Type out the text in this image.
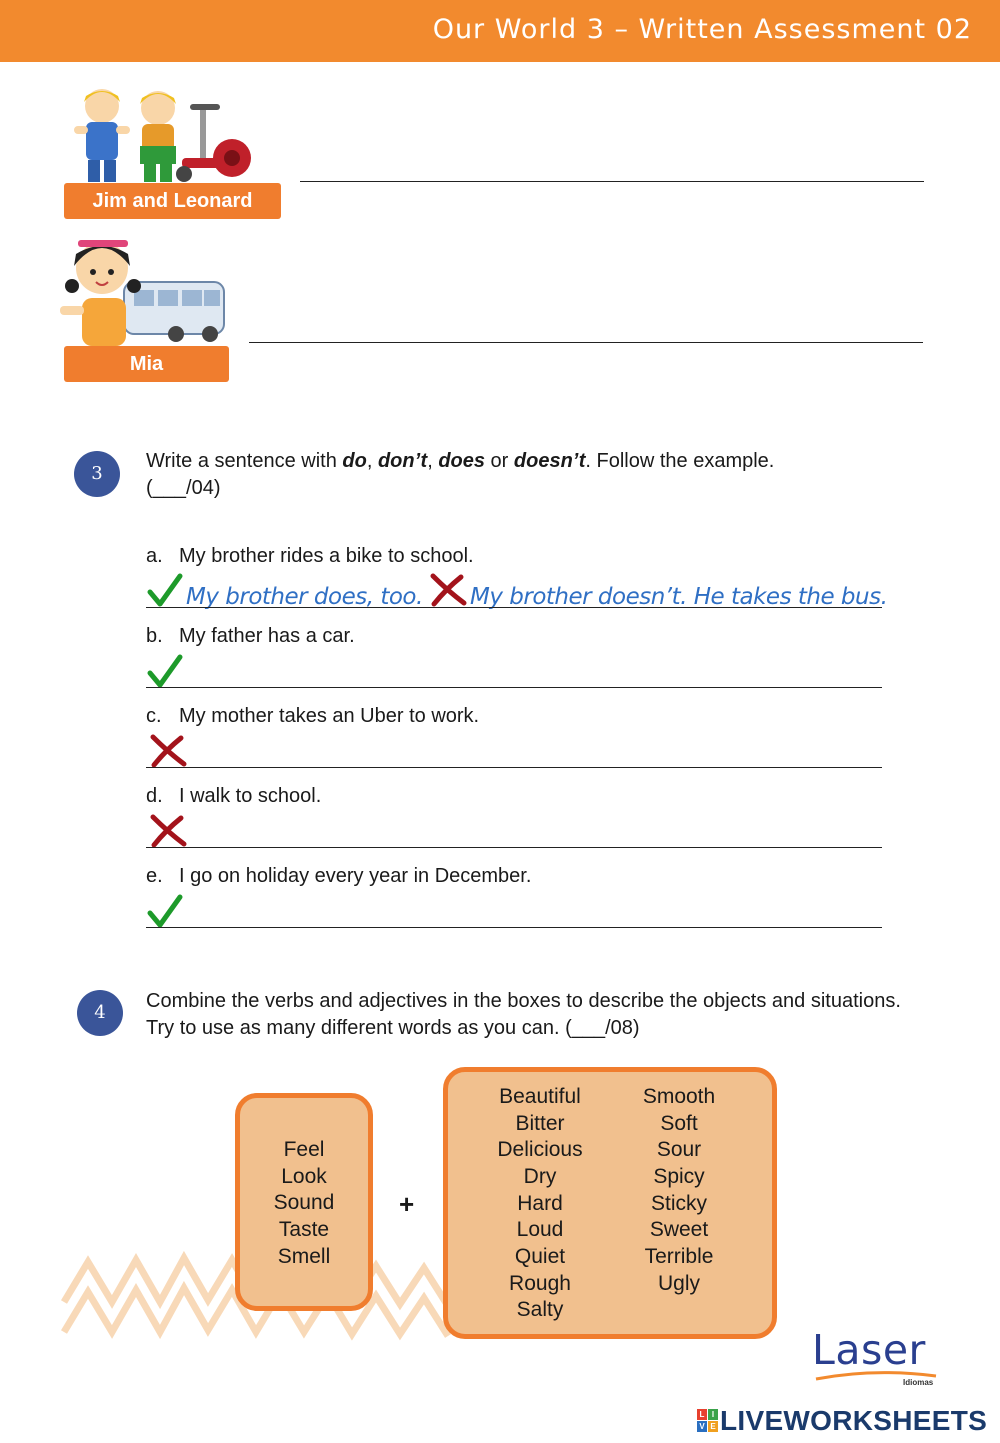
Our World 3 – Written Assessment 02
Jim and Leonard
Mia
3
Write a sentence with do, don’t, does or doesn’t. Follow the example.
(___/04)
a. My brother rides a bike to school.
My brother does, too. My brother doesn’t. He takes the bus.
b. My father has a car.
c. My mother takes an Uber to work.
d. I walk to school.
e. I go on holiday every year in December.
4
Combine the verbs and adjectives in the boxes to describe the objects and situations. Try to use as many different words as you can. (___/08)
Feel
Look
Sound
Taste
Smell
+
Beautiful
Bitter
Delicious
Dry
Hard
Loud
Quiet
Rough
Salty
Smooth
Soft
Sour
Spicy
Sticky
Sweet
Terrible
Ugly
Laser
Idiomas
L I
V E LIVEWORKSHEETS
